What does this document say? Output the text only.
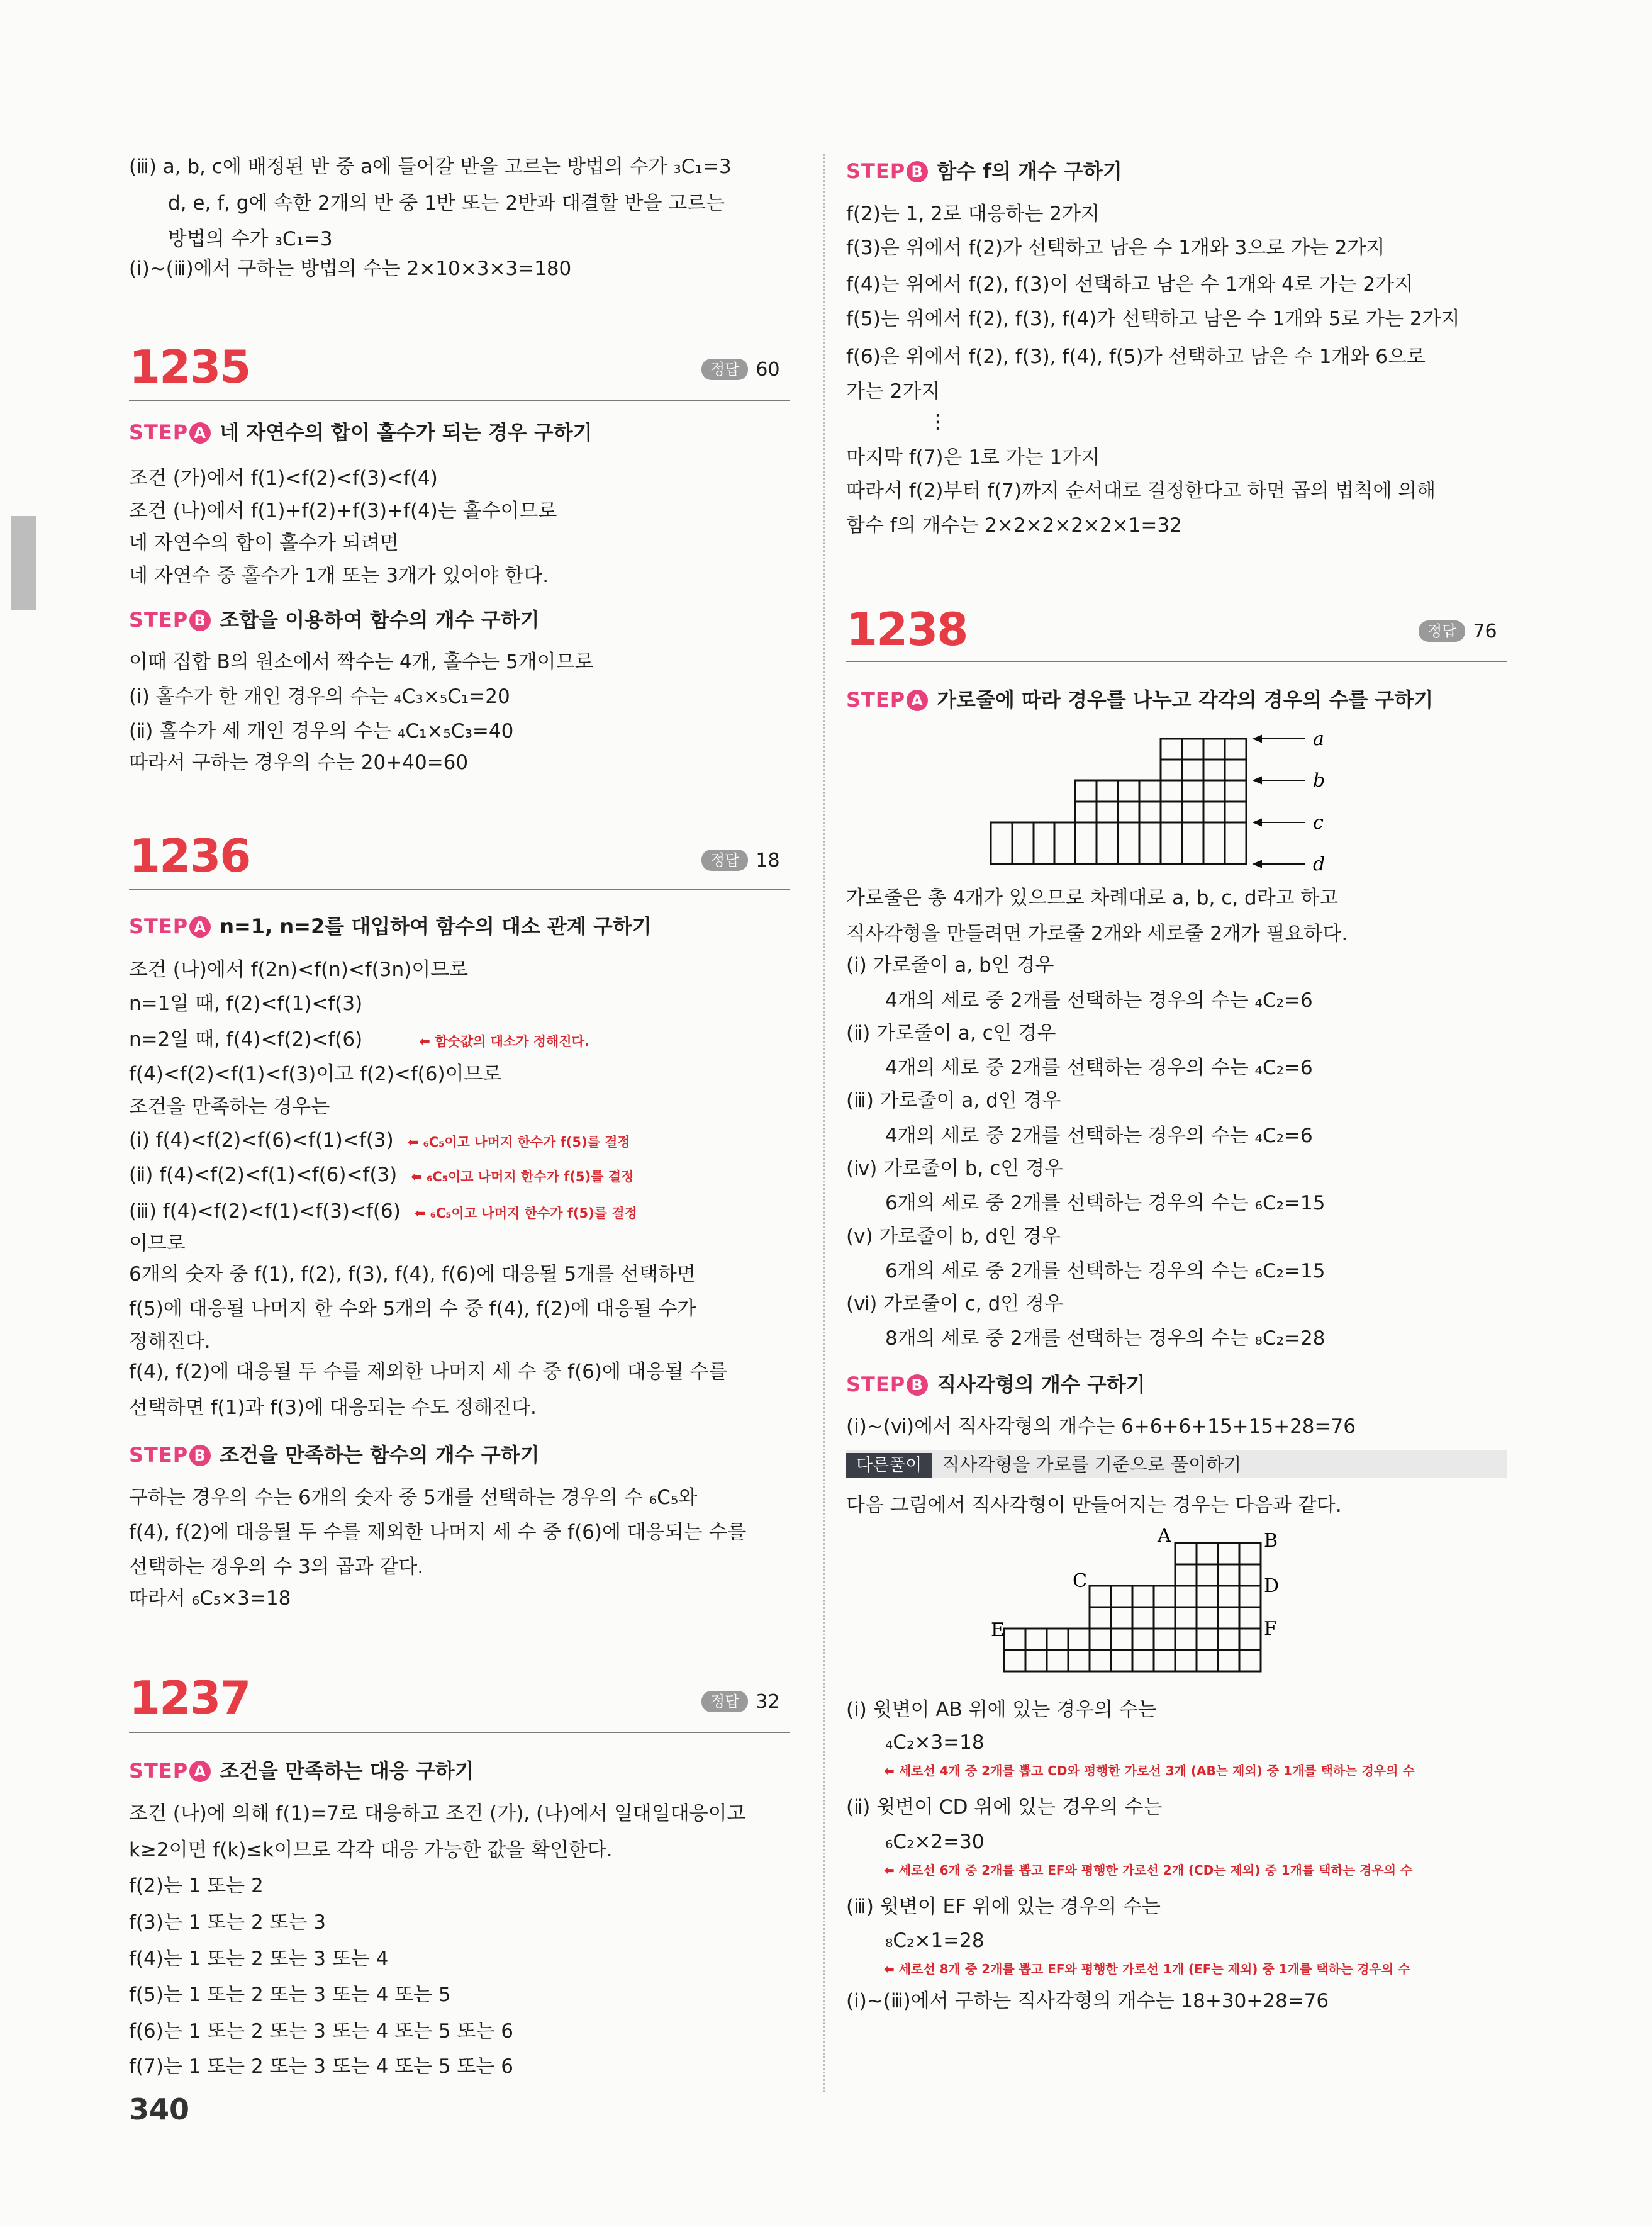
(ⅲ) a, b, c에 배정된 반 중 a에 들어갈 반을 고르는 방법의 수가 ₃C₁=3
d, e, f, g에 속한 2개의 반 중 1반 또는 2반과 대결할 반을 고르는
방법의 수가 ₃C₁=3
(ⅰ)~(ⅲ)에서 구하는 방법의 수는 2×10×3×3=180
1235	정답 60
STEP A 네 자연수의 합이 홀수가 되는 경우 구하기
조건 (가)에서 f(1)<f(2)<f(3)<f(4)
조건 (나)에서 f(1)+f(2)+f(3)+f(4)는 홀수이므로
네 자연수의 합이 홀수가 되려면
네 자연수 중 홀수가 1개 또는 3개가 있어야 한다.
STEP B 조합을 이용하여 함수의 개수 구하기
이때 집합 B의 원소에서 짝수는 4개, 홀수는 5개이므로
(ⅰ) 홀수가 한 개인 경우의 수는 ₄C₃×₅C₁=20
(ⅱ) 홀수가 세 개인 경우의 수는 ₄C₁×₅C₃=40
따라서 구하는 경우의 수는 20+40=60
1236	정답 18
STEP A n=1, n=2를 대입하여 함수의 대소 관계 구하기
조건 (나)에서 f(2n)<f(n)<f(3n)이므로
n=1일 때, f(2)<f(1)<f(3)
n=2일 때, f(4)<f(2)<f(6)	⬅ 함숫값의 대소가 정해진다.
f(4)<f(2)<f(1)<f(3)이고 f(2)<f(6)이므로
조건을 만족하는 경우는
(ⅰ) f(4)<f(2)<f(6)<f(1)<f(3) ⬅ ₆C₅이고 나머지 한수가 f(5)를 결정
(ⅱ) f(4)<f(2)<f(1)<f(6)<f(3) ⬅ ₆C₅이고 나머지 한수가 f(5)를 결정
(ⅲ) f(4)<f(2)<f(1)<f(3)<f(6) ⬅ ₆C₅이고 나머지 한수가 f(5)를 결정
이므로
6개의 숫자 중 f(1), f(2), f(3), f(4), f(6)에 대응될 5개를 선택하면
f(5)에 대응될 나머지 한 수와 5개의 수 중 f(4), f(2)에 대응될 수가
정해진다.
f(4), f(2)에 대응될 두 수를 제외한 나머지 세 수 중 f(6)에 대응될 수를
선택하면 f(1)과 f(3)에 대응되는 수도 정해진다.
STEP B 조건을 만족하는 함수의 개수 구하기
구하는 경우의 수는 6개의 숫자 중 5개를 선택하는 경우의 수 ₆C₅와
f(4), f(2)에 대응될 두 수를 제외한 나머지 세 수 중 f(6)에 대응되는 수를
선택하는 경우의 수 3의 곱과 같다.
따라서 ₆C₅×3=18
1237	정답 32
STEP A 조건을 만족하는 대응 구하기
조건 (나)에 의해 f(1)=7로 대응하고 조건 (가), (나)에서 일대일대응이고
k≥2이면 f(k)≤k이므로 각각 대응 가능한 값을 확인한다.
f(2)는 1 또는 2
f(3)는 1 또는 2 또는 3
f(4)는 1 또는 2 또는 3 또는 4
f(5)는 1 또는 2 또는 3 또는 4 또는 5
f(6)는 1 또는 2 또는 3 또는 4 또는 5 또는 6
f(7)는 1 또는 2 또는 3 또는 4 또는 5 또는 6
STEP B 함수 f의 개수 구하기
f(2)는 1, 2로 대응하는 2가지
f(3)은 위에서 f(2)가 선택하고 남은 수 1개와 3으로 가는 2가지
f(4)는 위에서 f(2), f(3)이 선택하고 남은 수 1개와 4로 가는 2가지
f(5)는 위에서 f(2), f(3), f(4)가 선택하고 남은 수 1개와 5로 가는 2가지
f(6)은 위에서 f(2), f(3), f(4), f(5)가 선택하고 남은 수 1개와 6으로
가는 2가지
⋮
마지막 f(7)은 1로 가는 1가지
따라서 f(2)부터 f(7)까지 순서대로 결정한다고 하면 곱의 법칙에 의해
함수 f의 개수는 2×2×2×2×2×1=32
1238	정답 76
STEP A 가로줄에 따라 경우를 나누고 각각의 경우의 수를 구하기
a
b
c
d
가로줄은 총 4개가 있으므로 차례대로 a, b, c, d라고 하고
직사각형을 만들려면 가로줄 2개와 세로줄 2개가 필요하다.
(ⅰ) 가로줄이 a, b인 경우
4개의 세로 중 2개를 선택하는 경우의 수는 ₄C₂=6
(ⅱ) 가로줄이 a, c인 경우
4개의 세로 중 2개를 선택하는 경우의 수는 ₄C₂=6
(ⅲ) 가로줄이 a, d인 경우
4개의 세로 중 2개를 선택하는 경우의 수는 ₄C₂=6
(ⅳ) 가로줄이 b, c인 경우
6개의 세로 중 2개를 선택하는 경우의 수는 ₆C₂=15
(ⅴ) 가로줄이 b, d인 경우
6개의 세로 중 2개를 선택하는 경우의 수는 ₆C₂=15
(ⅵ) 가로줄이 c, d인 경우
8개의 세로 중 2개를 선택하는 경우의 수는 ₈C₂=28
STEP B 직사각형의 개수 구하기
(ⅰ)~(ⅵ)에서 직사각형의 개수는 6+6+6+15+15+28=76
다른풀이 직사각형을 가로를 기준으로 풀이하기
다음 그림에서 직사각형이 만들어지는 경우는 다음과 같다.
A	B
C	D
E	F
(ⅰ) 윗변이 AB 위에 있는 경우의 수는
₄C₂×3=18
⬅ 세로선 4개 중 2개를 뽑고 CD와 평행한 가로선 3개 (AB는 제외) 중 1개를 택하는 경우의 수
(ⅱ) 윗변이 CD 위에 있는 경우의 수는
₆C₂×2=30
⬅ 세로선 6개 중 2개를 뽑고 EF와 평행한 가로선 2개 (CD는 제외) 중 1개를 택하는 경우의 수
(ⅲ) 윗변이 EF 위에 있는 경우의 수는
₈C₂×1=28
⬅ 세로선 8개 중 2개를 뽑고 EF와 평행한 가로선 1개 (EF는 제외) 중 1개를 택하는 경우의 수
(ⅰ)~(ⅲ)에서 구하는 직사각형의 개수는 18+30+28=76
340
